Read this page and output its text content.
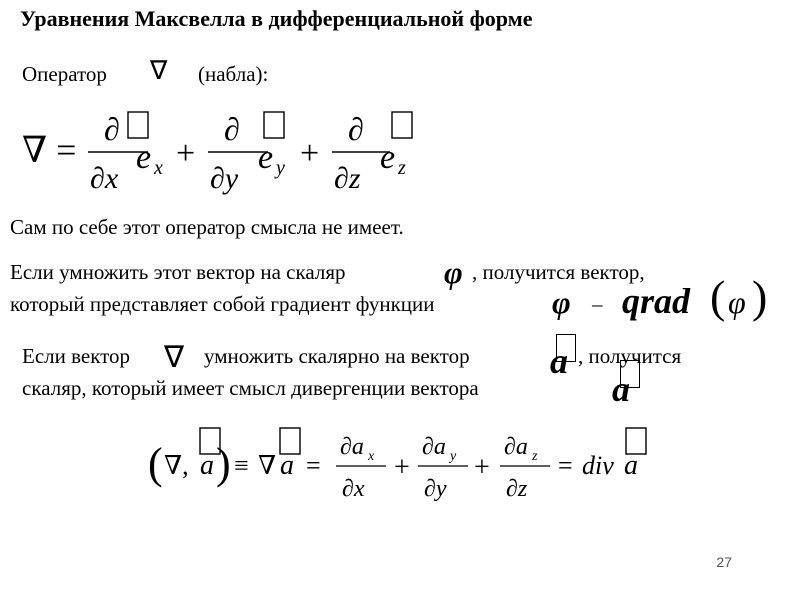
Уравнения Максвелла в дифференциальной форме
Оператор ∇ (набла):
∇ =
∂
∂x
e x +
∂
∂y
e y +
∂
∂z
e z
Сам по себе этот оператор смысла не имеет.
Если умножить этот вектор на скаляр	φ , получится вектор,
который представляет собой градиент функции	φ – qrad ( φ )
Если вектор ∇ умножить скалярно на вектор a , получится
скаляр, который имеет смысл дивергенции вектора	a
( ∇, a ) ≡ ∇ a =
∂a x
∂x
+
∂a y
∂y
+
∂a z
∂z
= div a
27
